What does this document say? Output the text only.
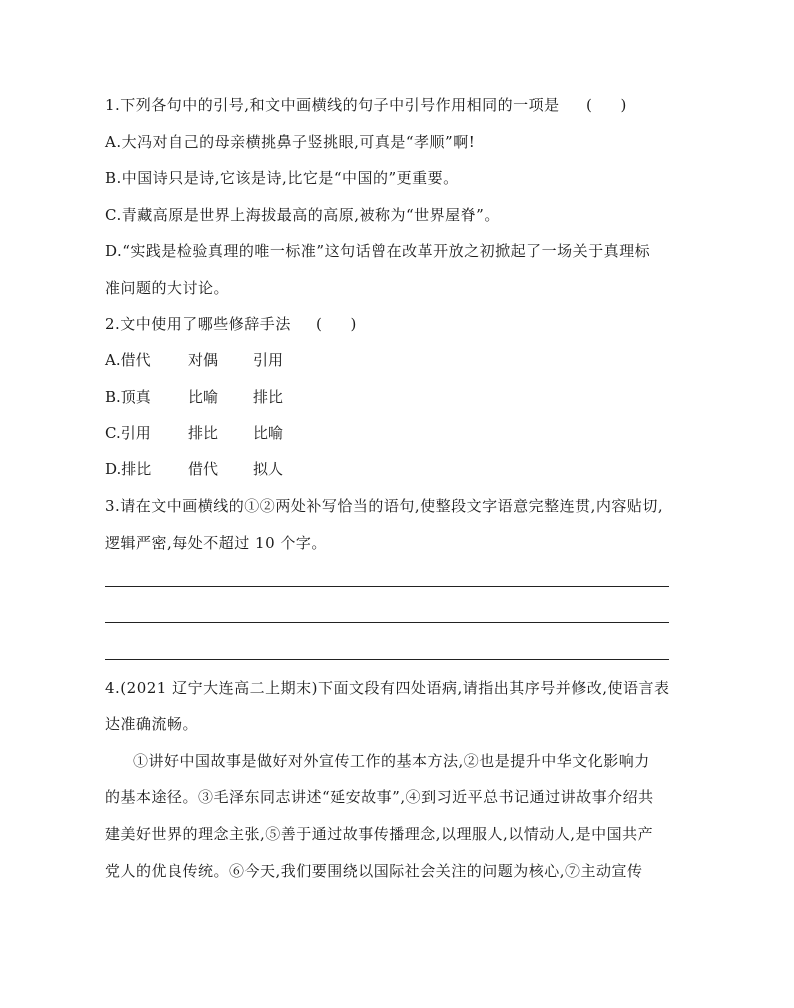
1.下列各句中的引号,和文中画横线的句子中引号作用相同的一项是 (      )
A.大冯对自己的母亲横挑鼻子竖挑眼,可真是“孝顺”啊!
B.中国诗只是诗,它该是诗,比它是“中国的”更重要。
C.青藏高原是世界上海拔最高的高原,被称为“世界屋脊”。
D.“实践是检验真理的唯一标准”这句话曾在改革开放之初掀起了一场关于真理标
准问题的大讨论。
2.文中使用了哪些修辞手法 (      )
A.借代 对偶 引用
B.顶真 比喻 排比
C.引用 排比 比喻
D.排比 借代 拟人
3.请在文中画横线的①②两处补写恰当的语句,使整段文字语意完整连贯,内容贴切,
逻辑严密,每处不超过 10 个字。
4.(2021 辽宁大连高二上期末)下面文段有四处语病,请指出其序号并修改,使语言表
达准确流畅。
①讲好中国故事是做好对外宣传工作的基本方法,②也是提升中华文化影响力
的基本途径。③毛泽东同志讲述“延安故事”,④到习近平总书记通过讲故事介绍共
建美好世界的理念主张,⑤善于通过故事传播理念,以理服人,以情动人,是中国共产
党人的优良传统。⑥今天,我们要围绕以国际社会关注的问题为核心,⑦主动宣传
